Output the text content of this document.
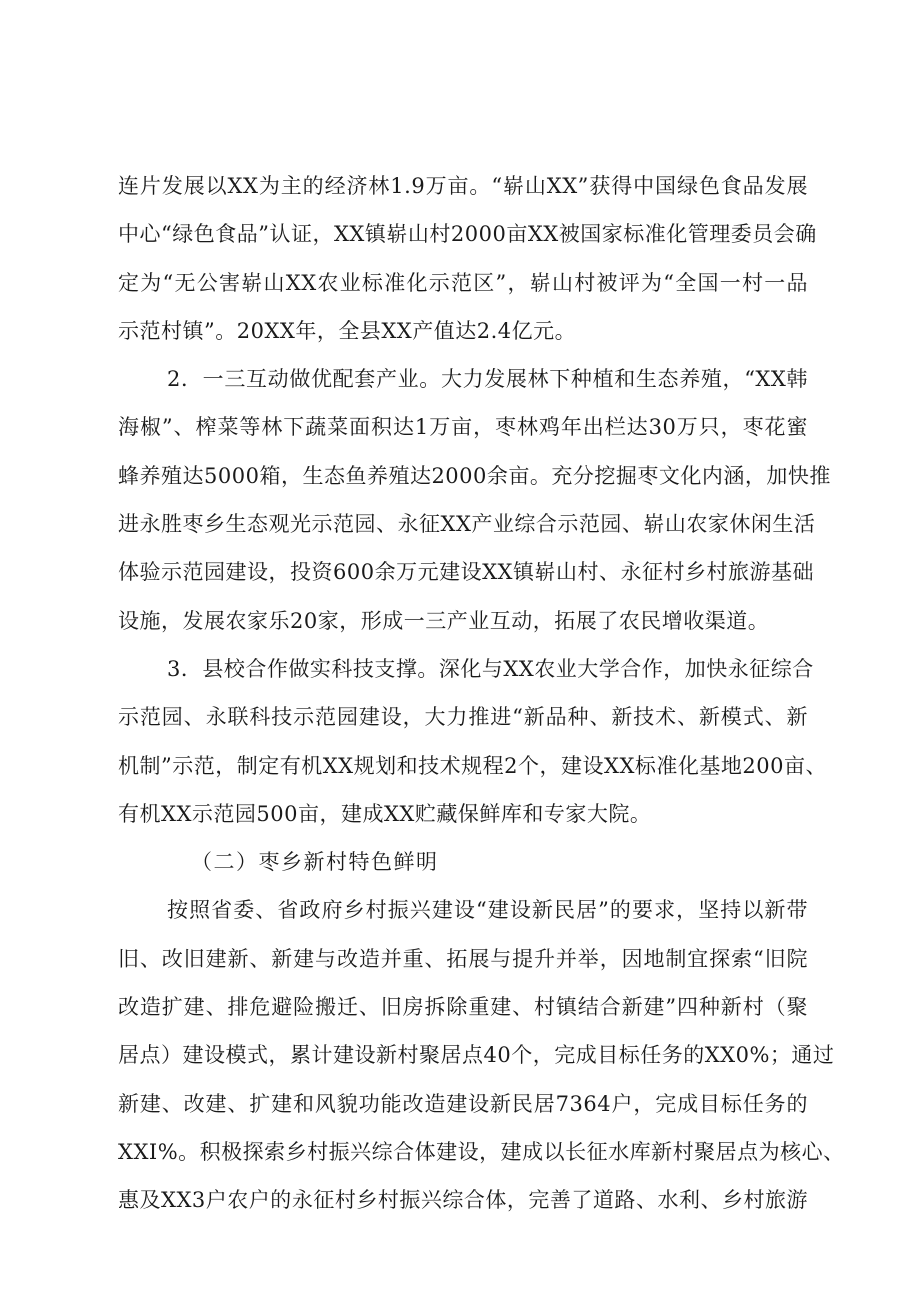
连片发展以XX为主的经济林1.9万亩。“崭山XX”获得中国绿色食品发展
中心“绿色食品”认证，XX镇崭山村2000亩XX被国家标准化管理委员会确
定为“无公害崭山XX农业标准化示范区”，崭山村被评为“全国一村一品
示范村镇”。20XX年，全县XX产值达2.4亿元。
2．一三互动做优配套产业。大力发展林下种植和生态养殖，“XX韩
海椒”、榨菜等林下蔬菜面积达1万亩，枣林鸡年出栏达30万只，枣花蜜
蜂养殖达5000箱，生态鱼养殖达2000余亩。充分挖掘枣文化内涵，加快推
进永胜枣乡生态观光示范园、永征XX产业综合示范园、崭山农家休闲生活
体验示范园建设，投资600余万元建设XX镇崭山村、永征村乡村旅游基础
设施，发展农家乐20家，形成一三产业互动，拓展了农民增收渠道。
3．县校合作做实科技支撑。深化与XX农业大学合作，加快永征综合
示范园、永联科技示范园建设，大力推进“新品种、新技术、新模式、新
机制”示范，制定有机XX规划和技术规程2个，建设XX标准化基地200亩、
有机XX示范园500亩，建成XX贮藏保鲜库和专家大院。
（二）枣乡新村特色鲜明
按照省委、省政府乡村振兴建设“建设新民居”的要求，坚持以新带
旧、改旧建新、新建与改造并重、拓展与提升并举，因地制宜探索“旧院
改造扩建、排危避险搬迁、旧房拆除重建、村镇结合新建”四种新村（聚
居点）建设模式，累计建设新村聚居点40个，完成目标任务的XX0%；通过
新建、改建、扩建和风貌功能改造建设新民居7364户，完成目标任务的
XXI%。积极探索乡村振兴综合体建设，建成以长征水库新村聚居点为核心、
惠及XX3户农户的永征村乡村振兴综合体，完善了道路、水利、乡村旅游
